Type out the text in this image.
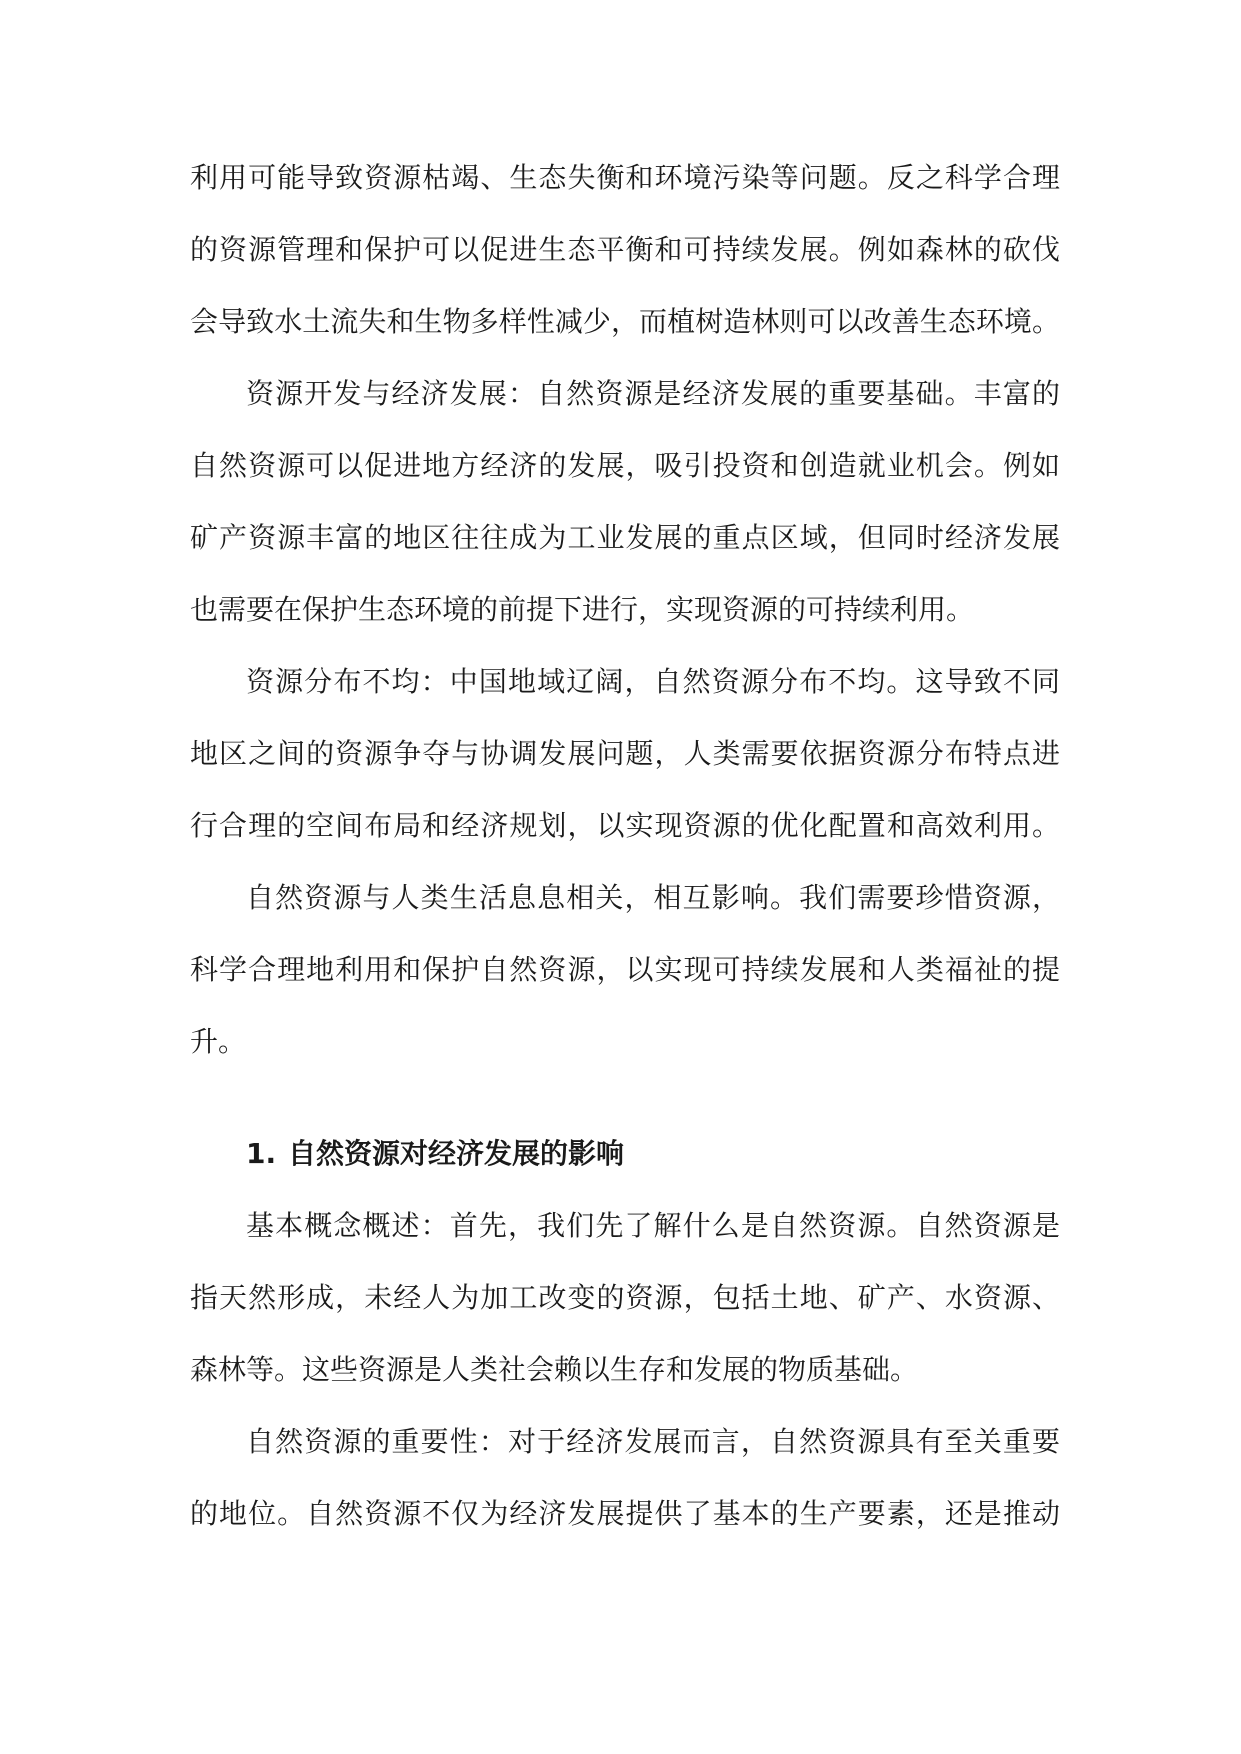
利用可能导致资源枯竭、生态失衡和环境污染等问题。反之科学合理
的资源管理和保护可以促进生态平衡和可持续发展。例如森林的砍伐
会导致水土流失和生物多样性减少，而植树造林则可以改善生态环境。
资源开发与经济发展：自然资源是经济发展的重要基础。丰富的
自然资源可以促进地方经济的发展，吸引投资和创造就业机会。例如
矿产资源丰富的地区往往成为工业发展的重点区域，但同时经济发展
也需要在保护生态环境的前提下进行，实现资源的可持续利用。
资源分布不均：中国地域辽阔，自然资源分布不均。这导致不同
地区之间的资源争夺与协调发展问题，人类需要依据资源分布特点进
行合理的空间布局和经济规划，以实现资源的优化配置和高效利用。
自然资源与人类生活息息相关，相互影响。我们需要珍惜资源，
科学合理地利用和保护自然资源，以实现可持续发展和人类福祉的提
升。
1. 自然资源对经济发展的影响
基本概念概述：首先，我们先了解什么是自然资源。自然资源是
指天然形成，未经人为加工改变的资源，包括土地、矿产、水资源、
森林等。这些资源是人类社会赖以生存和发展的物质基础。
自然资源的重要性：对于经济发展而言，自然资源具有至关重要
的地位。自然资源不仅为经济发展提供了基本的生产要素，还是推动
